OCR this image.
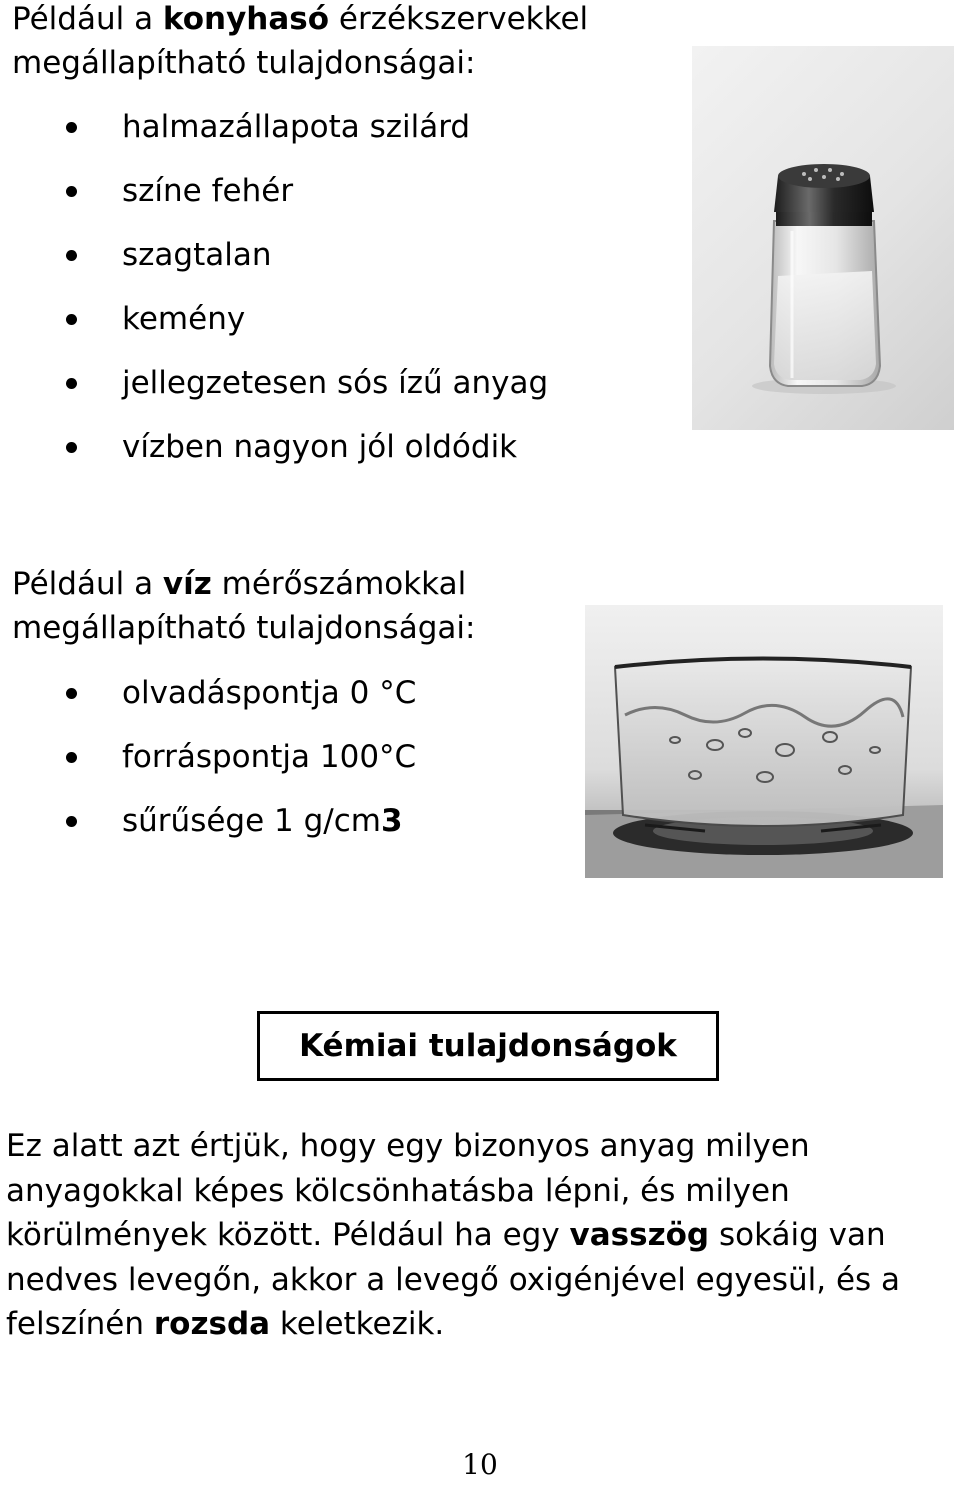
Például a konyhasó érzékszervekkel megállapítható tulajdonságai:

halmazállapota szilárd
színe fehér
szagtalan
kemény
jellegzetesen sós ízű anyag
vízben nagyon jól oldódik

Például a víz mérőszámokkal megállapítható tulajdonságai:

olvadáspontja 0 °C
forráspontja 100°C
sűrűsége 1 g/cm3
Kémiai tulajdonságok

Ez alatt azt értjük, hogy egy bizonyos anyag milyen anyagokkal képes kölcsönhatásba lépni, és milyen körülmények között. Például ha egy vasszög sokáig van nedves levegőn, akkor a levegő oxigénjével egyesül, és a felszínén rozsda keletkezik.

10
